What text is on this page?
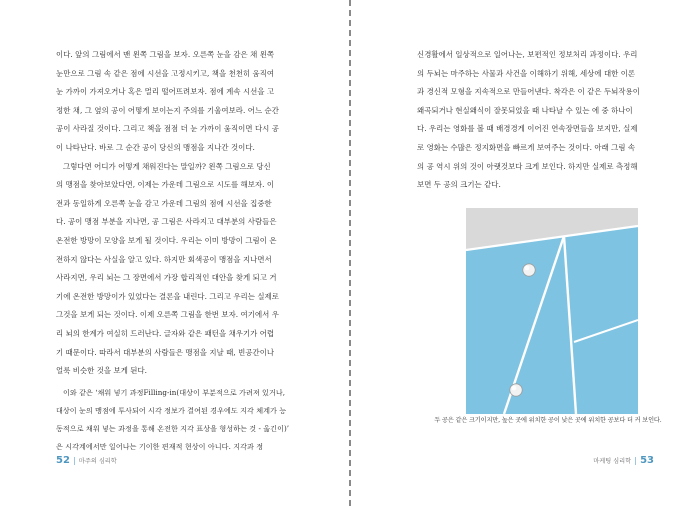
이다. 앞의 그림에서 맨 왼쪽 그림을 보자. 오른쪽 눈을 감은 채 왼쪽

눈만으로 그림 속 같은 점에 시선을 고정시키고, 책을 천천히 움직여

눈 가까이 가져오거나 혹은 멀리 떨어뜨려보자. 점에 계속 시선을 고

정한 채, 그 옆의 공이 어떻게 보이는지 주의를 기울여보라. 어느 순간

공이 사라질 것이다. 그리고 책을 점점 더 눈 가까이 움직이면 다시 공

이 나타난다. 바로 그 순간 공이 당신의 맹점을 지나간 것이다.

그렇다면 어디가 어떻게 채워진다는 말일까? 왼쪽 그림으로 당신

의 맹점을 찾아보았다면, 이제는 가운데 그림으로 시도를 해보자. 이

전과 동일하게 오른쪽 눈을 감고 가운데 그림의 점에 시선을 집중한

다. 공이 맹점 부분을 지나면, 공 그림은 사라지고 대부분의 사람들은

온전한 방망이 모양을 보게 될 것이다. 우리는 이미 방망이 그림이 온

전하지 않다는 사실을 알고 있다. 하지만 회색공이 맹점을 지나면서

사라지면, 우리 뇌는 그 장면에서 가장 합리적인 대안을 찾게 되고 거

기에 온전한 방망이가 있었다는 결론을 내린다. 그리고 우리는 실제로

그것을 보게 되는 것이다. 이제 오른쪽 그림을 한번 보자. 여기에서 우

리 뇌의 한계가 여실히 드러난다. 글자와 같은 패턴을 채우기가 어렵

기 때문이다. 따라서 대부분의 사람들은 맹점을 지날 때, 빈공간이나

얼룩 비슷한 것을 보게 된다.

이와 같은 ‘채워 넣기 과정Filling-in(대상이 부분적으로 가려져 있거나,

대상이 눈의 맹점에 투사되어 시각 정보가 결여된 경우에도 지각 체계가 능

동적으로 채워 넣는 과정을 통해 온전한 지각 표상을 형성하는 것 - 옮긴이)’

은 시각계에서만 일어나는 기이한 편재적 현상이 아니다. 지각과 정

52 마주의 심리학

신경활에서 일상적으로 일어나는, 보편적인 정보처리 과정이다. 우리

의 두뇌는 마주하는 사물과 사건을 이해하기 위해, 세상에 대한 이론

과 경신적 모형을 지속적으로 만들어낸다. 착각은 이 같은 두뇌작용이

왜곡되거나 현실왜식이 잘못되었을 때 나타날 수 있는 에 중 하나이

다. 우리는 영화를 볼 때 배경경게 이어진 연속장면들을 보지만, 실제

로 영화는 수많은 정지화면을 빠르게 보여주는 것이다. 아래 그림 속

의 공 역시 위의 것이 아랫것보다 크게 보인다. 하지만 실제로 측정해

보면 두 공의 크기는 같다.

두 공은 같은 크기이지만, 높은 곳에 위치한 공이 낮은 곳에 위치한 공보다 더 커 보인다.
마케팅 심리학 53
